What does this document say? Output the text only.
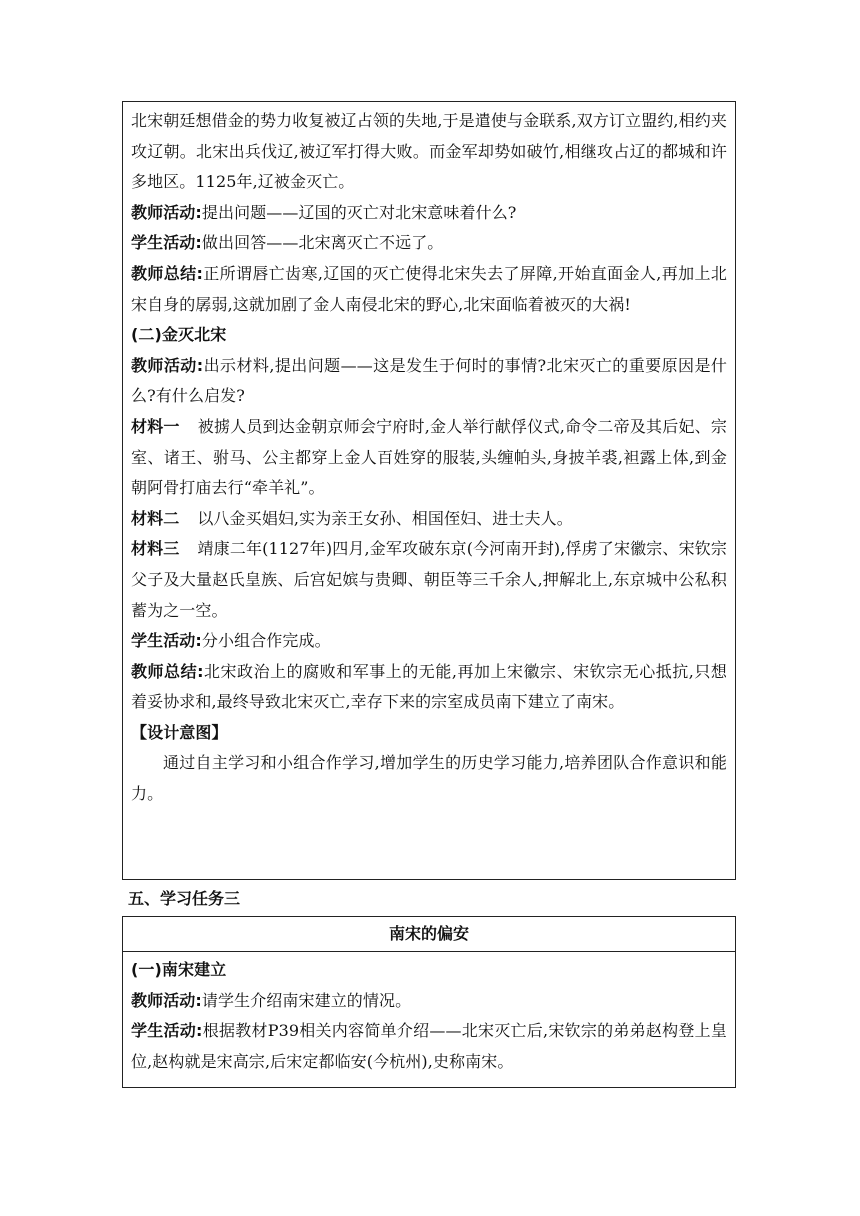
北宋朝廷想借金的势力收复被辽占领的失地,于是遣使与金联系,双方订立盟约,相约夹攻辽朝。北宋出兵伐辽,被辽军打得大败。而金军却势如破竹,相继攻占辽的都城和许多地区。1125年,辽被金灭亡。

教师活动:提出问题——辽国的灭亡对北宋意味着什么?

学生活动:做出回答——北宋离灭亡不远了。

教师总结:正所谓唇亡齿寒,辽国的灭亡使得北宋失去了屏障,开始直面金人,再加上北宋自身的孱弱,这就加剧了金人南侵北宋的野心,北宋面临着被灭的大祸!

(二)金灭北宋

教师活动:出示材料,提出问题——这是发生于何时的事情?北宋灭亡的重要原因是什么?有什么启发?

材料一 被掳人员到达金朝京师会宁府时,金人举行献俘仪式,命令二帝及其后妃、宗室、诸王、驸马、公主都穿上金人百姓穿的服装,头缠帕头,身披羊裘,袒露上体,到金朝阿骨打庙去行“牵羊礼”。

材料二 以八金买娼妇,实为亲王女孙、相国侄妇、进士夫人。

材料三 靖康二年(1127年)四月,金军攻破东京(今河南开封),俘虏了宋徽宗、宋钦宗父子及大量赵氏皇族、后宫妃嫔与贵卿、朝臣等三千余人,押解北上,东京城中公私积蓄为之一空。

学生活动:分小组合作完成。

教师总结:北宋政治上的腐败和军事上的无能,再加上宋徽宗、宋钦宗无心抵抗,只想着妥协求和,最终导致北宋灭亡,幸存下来的宗室成员南下建立了南宋。

【设计意图】

通过自主学习和小组合作学习,增加学生的历史学习能力,培养团队合作意识和能力。

五、学习任务三
南宋的偏安

(一)南宋建立

教师活动:请学生介绍南宋建立的情况。

学生活动:根据教材P39相关内容简单介绍——北宋灭亡后,宋钦宗的弟弟赵构登上皇位,赵构就是宋高宗,后宋定都临安(今杭州),史称南宋。
